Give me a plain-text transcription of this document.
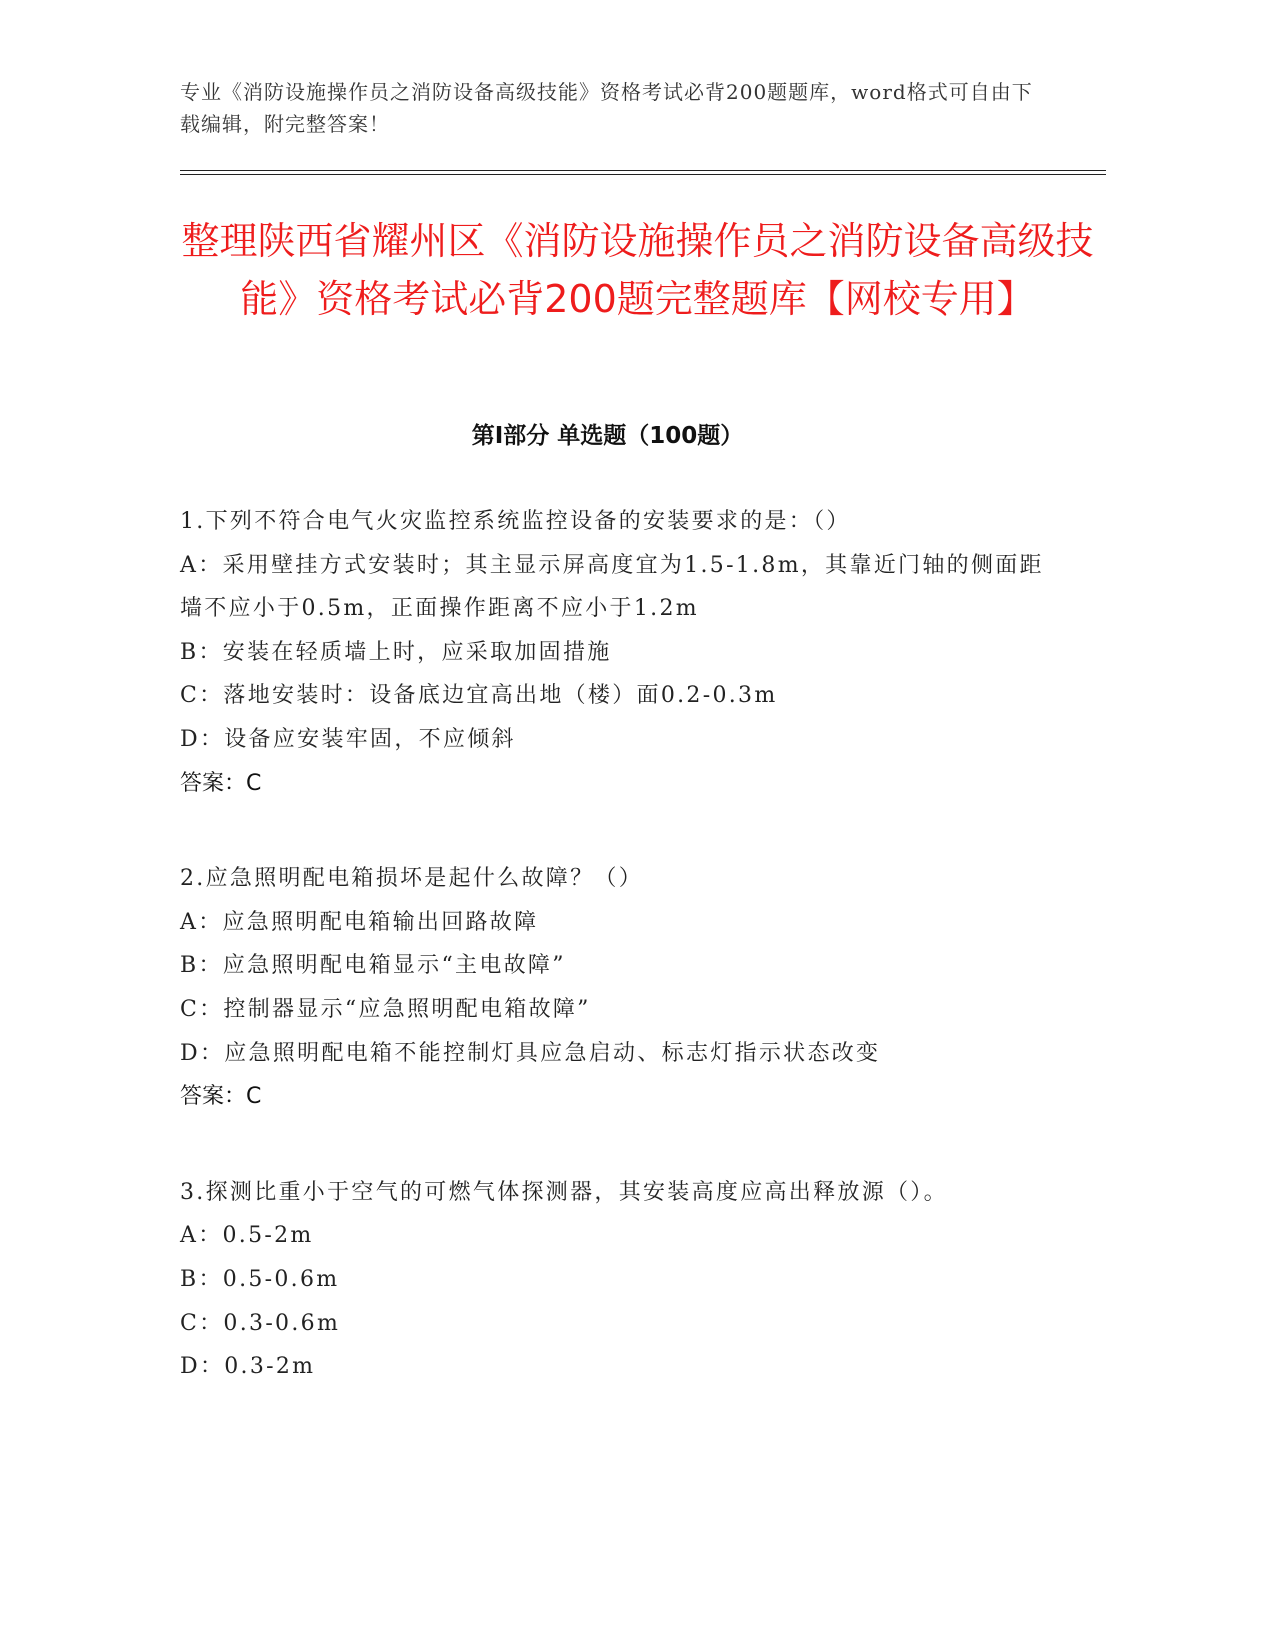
专业《消防设施操作员之消防设备高级技能》资格考试必背200题题库，word格式可自由下载编辑，附完整答案！
整理陕西省耀州区《消防设施操作员之消防设备高级技能》资格考试必背200题完整题库【网校专用】
第Ⅰ部分 单选题（100题）

1.下列不符合电气火灾监控系统监控设备的安装要求的是：（）

A：采用壁挂方式安装时；其主显示屏高度宜为1.5-1.8m，其靠近门轴的侧面距墙不应小于0.5m，正面操作距离不应小于1.2m

B：安装在轻质墙上时，应采取加固措施

C：落地安装时：设备底边宜高出地（楼）面0.2-0.3m

D：设备应安装牢固，不应倾斜

答案：C

2.应急照明配电箱损坏是起什么故障？（）

A：应急照明配电箱输出回路故障

B：应急照明配电箱显示“主电故障”

C：控制器显示“应急照明配电箱故障”

D：应急照明配电箱不能控制灯具应急启动、标志灯指示状态改变

答案：C

3.探测比重小于空气的可燃气体探测器，其安装高度应高出释放源（）。

A：0.5-2m

B：0.5-0.6m

C：0.3-0.6m

D：0.3-2m
